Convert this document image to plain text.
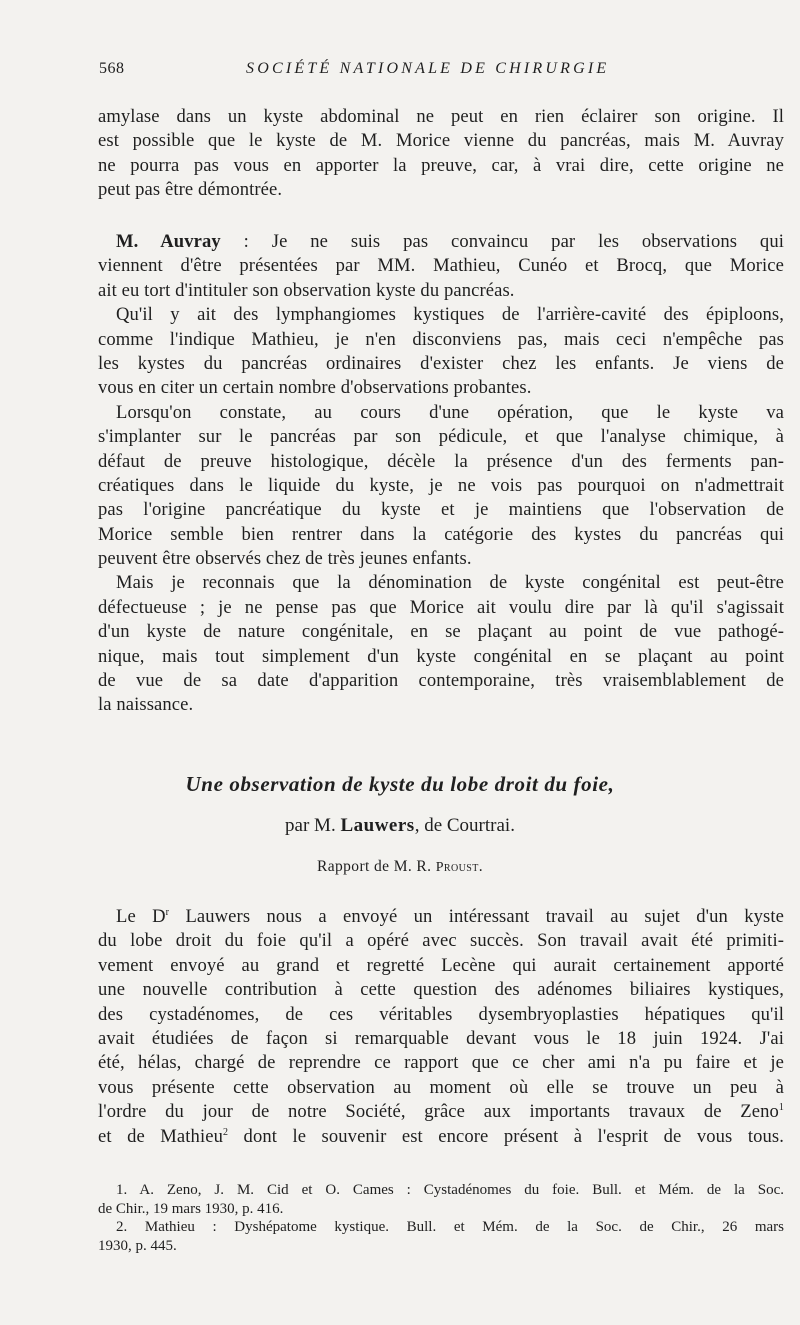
568	SOCIÉTÉ NATIONALE DE CHIRURGIE
amylase dans un kyste abdominal ne peut en rien éclairer son origine. Il
est possible que le kyste de M. Morice vienne du pancréas, mais M. Auvray
ne pourra pas vous en apporter la preuve, car, à vrai dire, cette origine ne
peut pas être démontrée.
M. Auvray : Je ne suis pas convaincu par les observations qui
viennent d'être présentées par MM. Mathieu, Cunéo et Brocq, que Morice
ait eu tort d'intituler son observation kyste du pancréas.
Qu'il y ait des lymphangiomes kystiques de l'arrière-cavité des épiploons,
comme l'indique Mathieu, je n'en disconviens pas, mais ceci n'empêche pas
les kystes du pancréas ordinaires d'exister chez les enfants. Je viens de
vous en citer un certain nombre d'observations probantes.
Lorsqu'on constate, au cours d'une opération, que le kyste va
s'implanter sur le pancréas par son pédicule, et que l'analyse chimique, à
défaut de preuve histologique, décèle la présence d'un des ferments pan-
créatiques dans le liquide du kyste, je ne vois pas pourquoi on n'admettrait
pas l'origine pancréatique du kyste et je maintiens que l'observation de
Morice semble bien rentrer dans la catégorie des kystes du pancréas qui
peuvent être observés chez de très jeunes enfants.
Mais je reconnais que la dénomination de kyste congénital est peut-être
défectueuse ; je ne pense pas que Morice ait voulu dire par là qu'il s'agissait
d'un kyste de nature congénitale, en se plaçant au point de vue pathogé-
nique, mais tout simplement d'un kyste congénital en se plaçant au point
de vue de sa date d'apparition contemporaine, très vraisemblablement de
la naissance.
Une observation de kyste du lobe droit du foie,
par M. Lauwers, de Courtrai.
Rapport de M. R. Proust.
Le $D^r$ Lauwers nous a envoyé un intéressant travail au sujet d'un kyste
du lobe droit du foie qu'il a opéré avec succès. Son travail avait été primiti-
vement envoyé au grand et regretté Lecène qui aurait certainement apporté
une nouvelle contribution à cette question des adénomes biliaires kystiques,
des cystadénomes, de ces véritables dysembryoplasties hépatiques qu'il
avait étudiées de façon si remarquable devant vous le 18 juin 1924. J'ai
été, hélas, chargé de reprendre ce rapport que ce cher ami n'a pu faire et je
vous présente cette observation au moment où elle se trouve un peu à
l'ordre du jour de notre Société, grâce aux importants travaux de Zeno$^1$
et de Mathieu$^2$ dont le souvenir est encore présent à l'esprit de vous tous.
1. A. Zeno, J. M. Cid et O. Cames : Cystadénomes du foie. Bull. et Mém. de la Soc.
de Chir., 19 mars 1930, p. 416.
2. Mathieu : Dyshépatome kystique. Bull. et Mém. de la Soc. de Chir., 26 mars
1930, p. 445.
